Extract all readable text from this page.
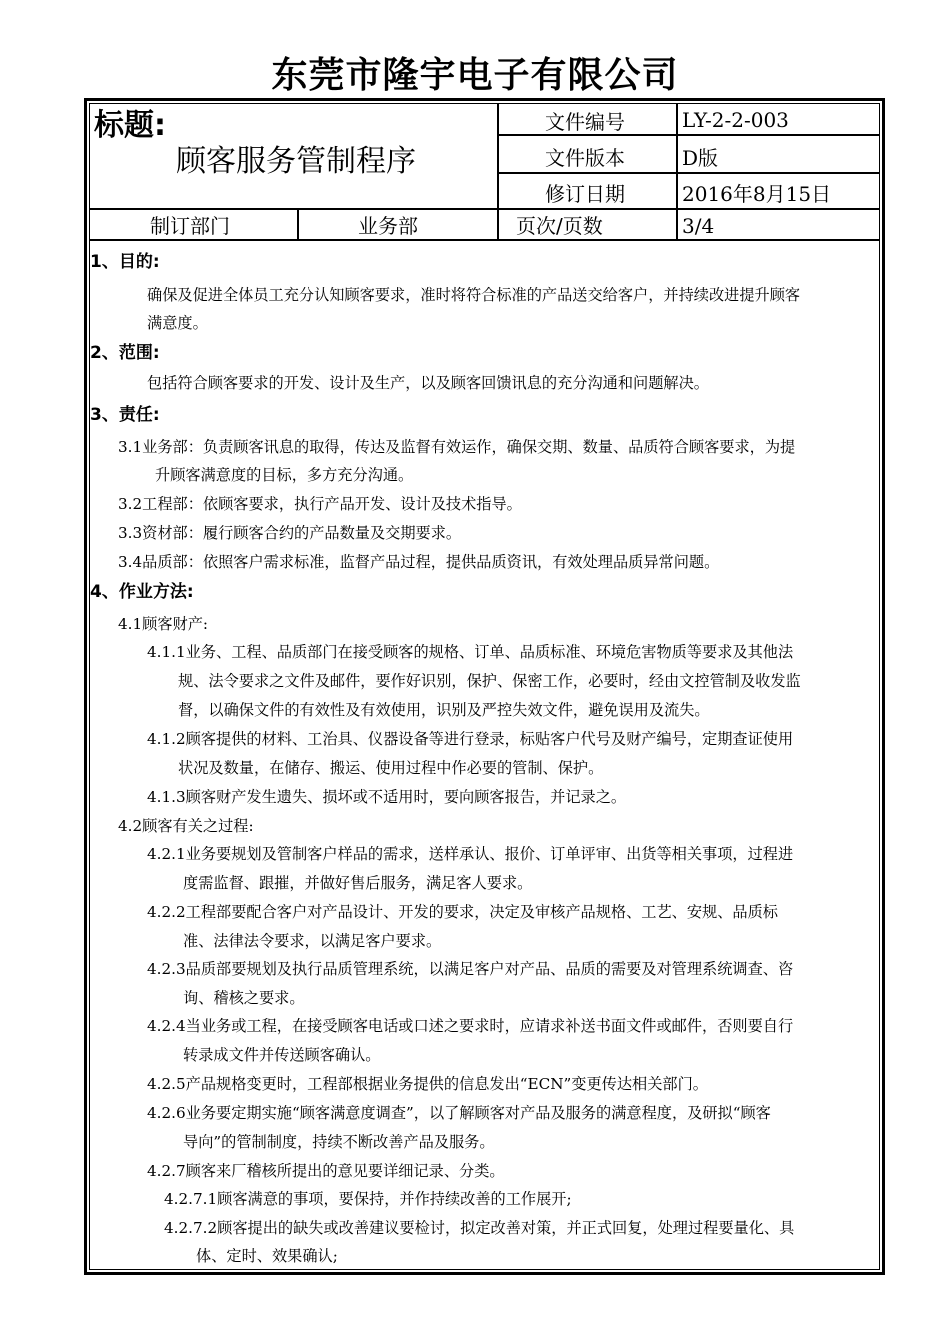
东莞市隆宇电子有限公司
标题:
顾客服务管制程序
文件编号	LY-2-2-003
文件版本	D版
修订日期	2016年8月15日
制订部门	业务部	页次/页数	3/4
1、目的:
确保及促进全体员工充分认知顾客要求，准时将符合标准的产品送交给客户，并持续改进提升顾客
满意度。
2、范围:
包括符合顾客要求的开发、设计及生产，以及顾客回馈讯息的充分沟通和问题解决。
3、责任:
3.1业务部：负责顾客讯息的取得，传达及监督有效运作，确保交期、数量、品质符合顾客要求，为提
升顾客满意度的目标，多方充分沟通。
3.2工程部：依顾客要求，执行产品开发、设计及技术指导。
3.3资材部：履行顾客合约的产品数量及交期要求。
3.4品质部：依照客户需求标准，监督产品过程，提供品质资讯，有效处理品质异常问题。
4、作业方法:
4.1顾客财产:
4.1.1业务、工程、品质部门在接受顾客的规格、订单、品质标准、环境危害物质等要求及其他法
规、法令要求之文件及邮件，要作好识别，保护、保密工作，必要时，经由文控管制及收发监
督，以确保文件的有效性及有效使用，识别及严控失效文件，避免误用及流失。
4.1.2顾客提供的材料、工治具、仪器设备等进行登录，标贴客户代号及财产编号，定期查证使用
状况及数量，在储存、搬运、使用过程中作必要的管制、保护。
4.1.3顾客财产发生遗失、损坏或不适用时，要向顾客报告，并记录之。
4.2顾客有关之过程:
4.2.1业务要规划及管制客户样品的需求，送样承认、报价、订单评审、出货等相关事项，过程进
度需监督、跟摧，并做好售后服务，满足客人要求。
4.2.2工程部要配合客户对产品设计、开发的要求，决定及审核产品规格、工艺、安规、品质标
准、法律法令要求，以满足客户要求。
4.2.3品质部要规划及执行品质管理系统，以满足客户对产品、品质的需要及对管理系统调查、咨
询、稽核之要求。
4.2.4当业务或工程，在接受顾客电话或口述之要求时，应请求补送书面文件或邮件，否则要自行
转录成文件并传送顾客确认。
4.2.5产品规格变更时，工程部根据业务提供的信息发出“ECN”变更传达相关部门。
4.2.6业务要定期实施“顾客满意度调查”，以了解顾客对产品及服务的满意程度，及研拟“顾客
导向”的管制制度，持续不断改善产品及服务。
4.2.7顾客来厂稽核所提出的意见要详细记录、分类。
4.2.7.1顾客满意的事项，要保持，并作持续改善的工作展开;
4.2.7.2顾客提出的缺失或改善建议要检讨，拟定改善对策，并正式回复，处理过程要量化、具
体、定时、效果确认;
